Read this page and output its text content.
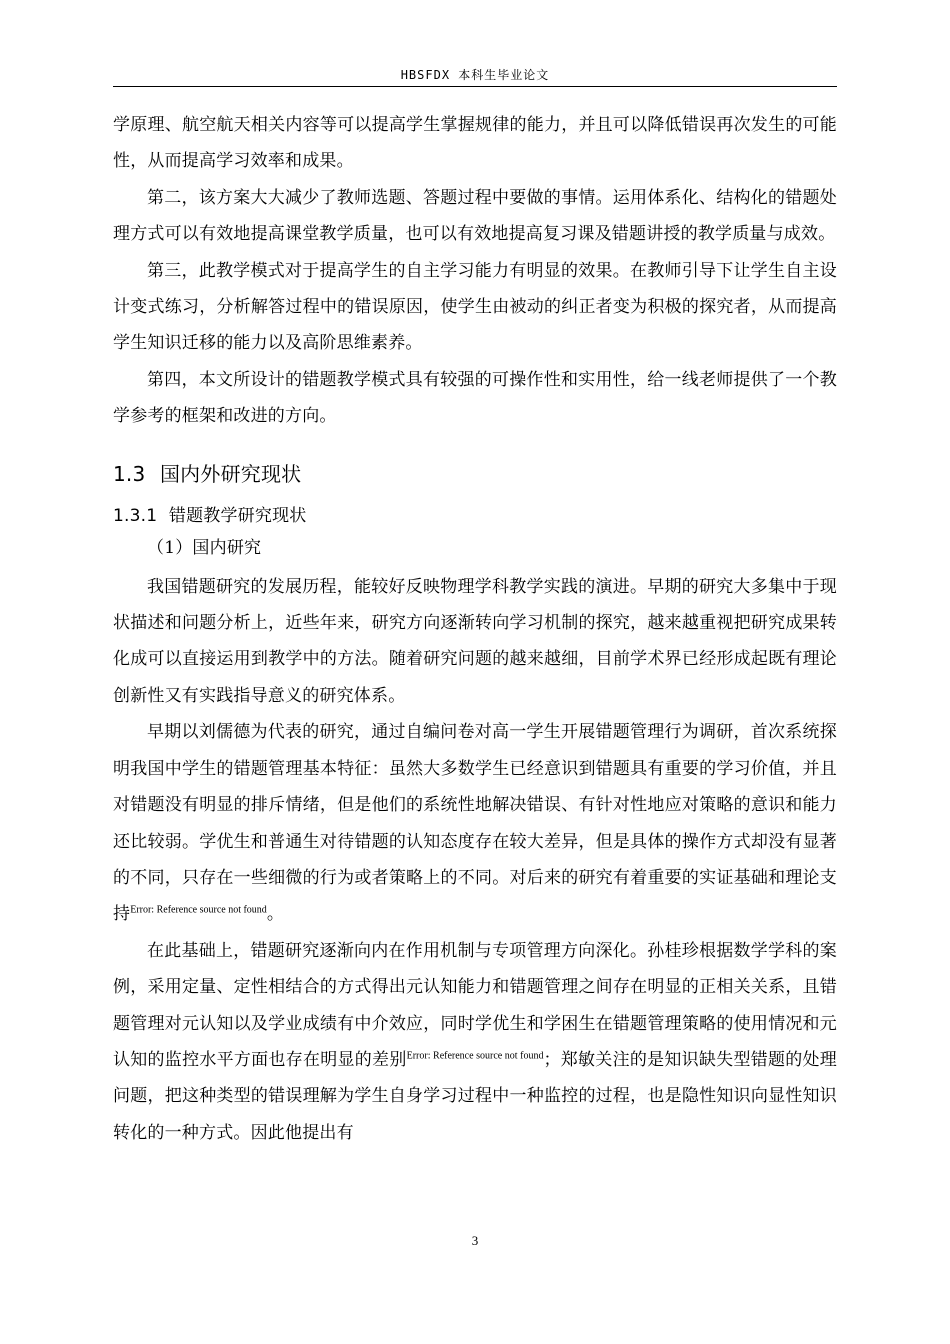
HBSFDX 本科生毕业论文

学原理、航空航天相关内容等可以提高学生掌握规律的能力，并且可以降低错误再次发生的可能性，从而提高学习效率和成果。

第二，该方案大大减少了教师选题、答题过程中要做的事情。运用体系化、结构化的错题处理方式可以有效地提高课堂教学质量，也可以有效地提高复习课及错题讲授的教学质量与成效。

第三，此教学模式对于提高学生的自主学习能力有明显的效果。在教师引导下让学生自主设计变式练习，分析解答过程中的错误原因，使学生由被动的纠正者变为积极的探究者，从而提高学生知识迁移的能力以及高阶思维素养。

第四，本文所设计的错题教学模式具有较强的可操作性和实用性，给一线老师提供了一个教学参考的框架和改进的方向。

1.3 国内外研究现状
1.3.1 错题教学研究现状

（1）国内研究

我国错题研究的发展历程，能较好反映物理学科教学实践的演进。早期的研究大多集中于现状描述和问题分析上，近些年来，研究方向逐渐转向学习机制的探究，越来越重视把研究成果转化成可以直接运用到教学中的方法。随着研究问题的越来越细，目前学术界已经形成起既有理论创新性又有实践指导意义的研究体系。

早期以刘儒德为代表的研究，通过自编问卷对高一学生开展错题管理行为调研，首次系统探明我国中学生的错题管理基本特征：虽然大多数学生已经意识到错题具有重要的学习价值，并且对错题没有明显的排斥情绪，但是他们的系统性地解决错误、有针对性地应对策略的意识和能力还比较弱。学优生和普通生对待错题的认知态度存在较大差异，但是具体的操作方式却没有显著的不同，只存在一些细微的行为或者策略上的不同。对后来的研究有着重要的实证基础和理论支持$^{Error: Reference source not found}$。

在此基础上，错题研究逐渐向内在作用机制与专项管理方向深化。孙桂珍根据数学学科的案例，采用定量、定性相结合的方式得出元认知能力和错题管理之间存在明显的正相关关系，且错题管理对元认知以及学业成绩有中介效应，同时学优生和学困生在错题管理策略的使用情况和元认知的监控水平方面也存在明显的差别$^{Error: Reference source not found}$；郑敏关注的是知识缺失型错题的处理问题，把这种类型的错误理解为学生自身学习过程中一种监控的过程，也是隐性知识向显性知识转化的一种方式。因此他提出有

3
